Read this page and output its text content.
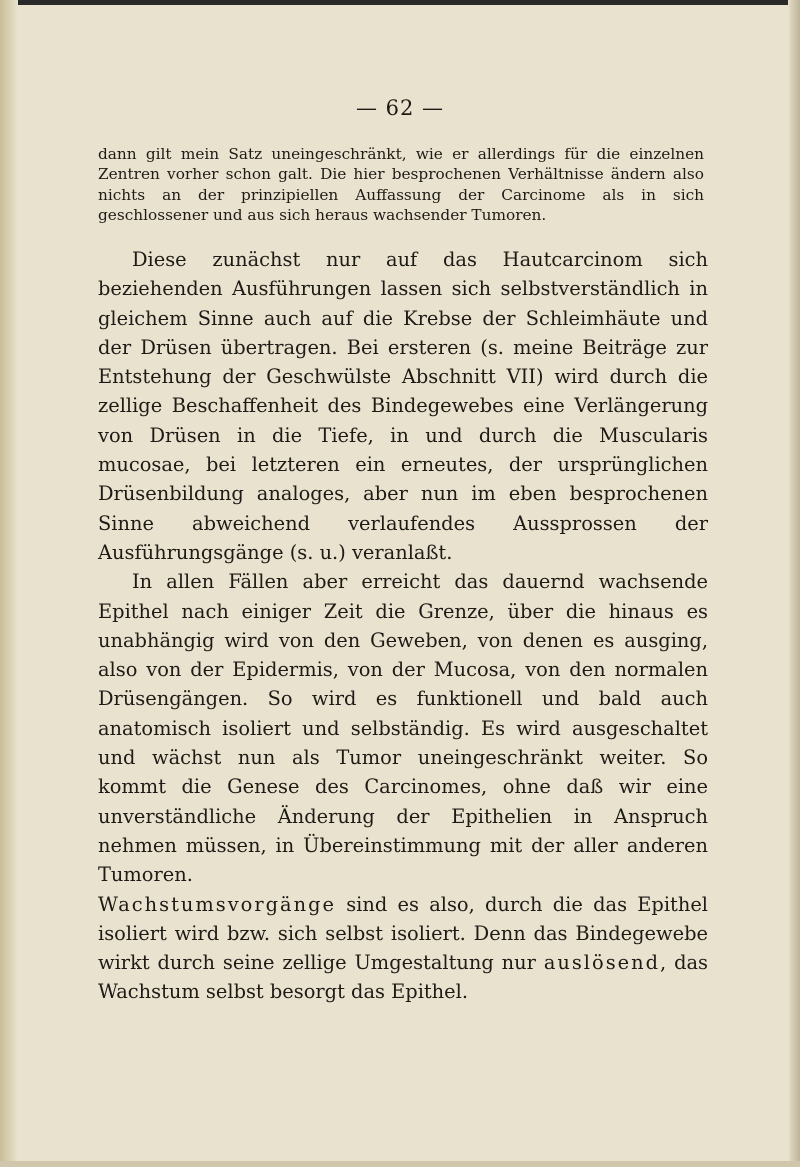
— 62 —

dann gilt mein Satz uneingeschränkt, wie er allerdings für die einzelnen Zentren vorher schon galt. Die hier besprochenen Verhältnisse ändern also nichts an der prinzipiellen Auffassung der Carcinome als in sich geschlossener und aus sich heraus wachsender Tumoren.

Diese zunächst nur auf das Hautcarcinom sich beziehenden Ausführungen lassen sich selbstverständlich in gleichem Sinne auch auf die Krebse der Schleimhäute und der Drüsen übertragen. Bei ersteren (s. meine Beiträge zur Entstehung der Geschwülste Abschnitt VII) wird durch die zellige Beschaffenheit des Bindegewebes eine Verlängerung von Drüsen in die Tiefe, in und durch die Muscularis mucosae, bei letzteren ein erneutes, der ursprünglichen Drüsenbildung analoges, aber nun im eben besprochenen Sinne abweichend verlaufendes Aussprossen der Ausführungsgänge (s. u.) veranlaßt.

In allen Fällen aber erreicht das dauernd wachsende Epithel nach einiger Zeit die Grenze, über die hinaus es unabhängig wird von den Geweben, von denen es ausging, also von der Epidermis, von der Mucosa, von den normalen Drüsengängen. So wird es funktionell und bald auch anatomisch isoliert und selbständig. Es wird ausgeschaltet und wächst nun als Tumor uneingeschränkt weiter. So kommt die Genese des Carcinomes, ohne daß wir eine unverständliche Änderung der Epithelien in Anspruch nehmen müssen, in Übereinstimmung mit der aller anderen Tumoren.
Wachstumsvorgänge sind es also, durch die das Epithel isoliert wird bzw. sich selbst isoliert. Denn das Bindegewebe wirkt durch seine zellige Umgestaltung nur auslösend, das Wachstum selbst besorgt das Epithel.
